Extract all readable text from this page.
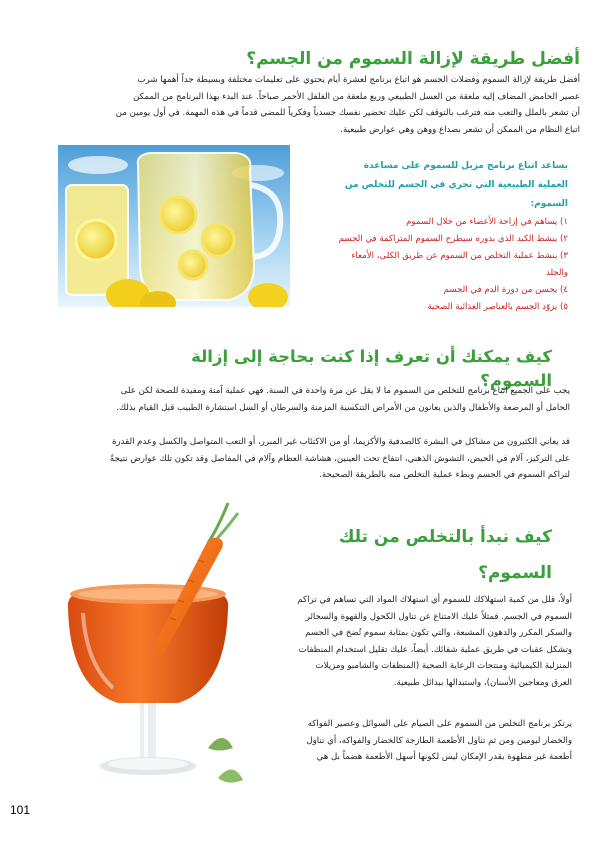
أفضل طريقة لإزالة السموم من الجسم؟
أفضل طريقة لإزالة السموم وفضلات الجسم هو اتباع برنامج لعشرة أيام يحتوي على تعليمات مختلفة وبسيطة جداً أهمها شرب
عصير الحامض المضاف إليه ملعقة من العسل الطبيعي وربع ملعقة من الفلفل الأحمر صباحاً. عند البدء بهذا البرنامج من الممكن
أن تشعر بالملل والتعب منه فترغب بالتوقف لكن عليك تحضير نفسك جسدياً وفكرياً للمضي قدماً في هذه المهمة. في أول يومين من
اتباع النظام من الممكن أن تشعر بصداع ووهن وهي عوارض طبيعية.
يساعد اتباع برنامج مزيل للسموم على مساعدة
العملية الطبيعية التي تجري في الجسم للتخلص من
السموم:
١) يساهم في إزاحة الأعضاء من خلال السموم
٢) ينشط الكبد الذي بدوره سيطرح السموم المتراكمة في الجسم
٣) ينشط عملية التخلص من السموم عن طريق الكلى، الأمعاء
والجلد
٤) يحسن من دورة الدم في الجسم
٥) يزوّد الجسم بالعناصر الغذائية الصحية
كيف يمكنك أن تعرف إذا كنت بحاجة إلى إزالة السموم؟
يجب على الجميع اتباع برنامج للتخلص من السموم ما لا يقل عن مرة واحدة في السنة. فهي عملية آمنة ومفيدة للصحة لكن على
الحامل أو المرضعة والأطفال والذين يعانون من الأمراض التنكسية المزمنة والسرطان أو السل استشارة الطبيب قبل القيام بذلك.
قد يعاني الكثيرون من مشاكل في البشرة كالصدفية والأكزيما، أو من الاكتئاب غير المبرر، أو التعب المتواصل والكسل وعدم القدرة
على التركيز، آلام في الحيض، التشوش الذهني، انتفاخ تحت العينين، هشاشة العظام وآلام في المفاصل وقد تكون تلك عوارض نتيجةً
لتراكم السموم في الجسم وبطء عملية التخلص منه بالطريقة الصحيحة.
كيف نبدأ بالتخلص من تلك
السموم؟
أولاً، قلل من كمية استهلاكك للسموم أي استهلاك المواد التي تساهم في تراكم
السموم في الجسم. فمثلاً عليك الامتناع عن تناول الكحول والقهوة والسجائر
والسكر المكرر والدهون المشبعة، والتي تكون بمثابة سموم تُضخ في الجسم
وتشكل عقبات في طريق عملية شفائك. أيضاً، عليك تقليل استخدام المنظفات
المنزلية الكيميائية ومنتجات الرعاية الصحية (المنظفات والشامبو ومزيلات
العرق ومعاجين الأسنان)، واستبدالها ببدائل طبيعية.
يرتكز برنامج التخلص من السموم على الصيام على السوائل وعصير الفواكه
والخضار ليومين ومن ثم تناول الأطعمة الطازجة كالخضار والفواكه، أي تناول
أطعمة غير مطهوة بقدر الإمكان ليس لكونها أسهل الأطعمة هضماً بل هي
101
